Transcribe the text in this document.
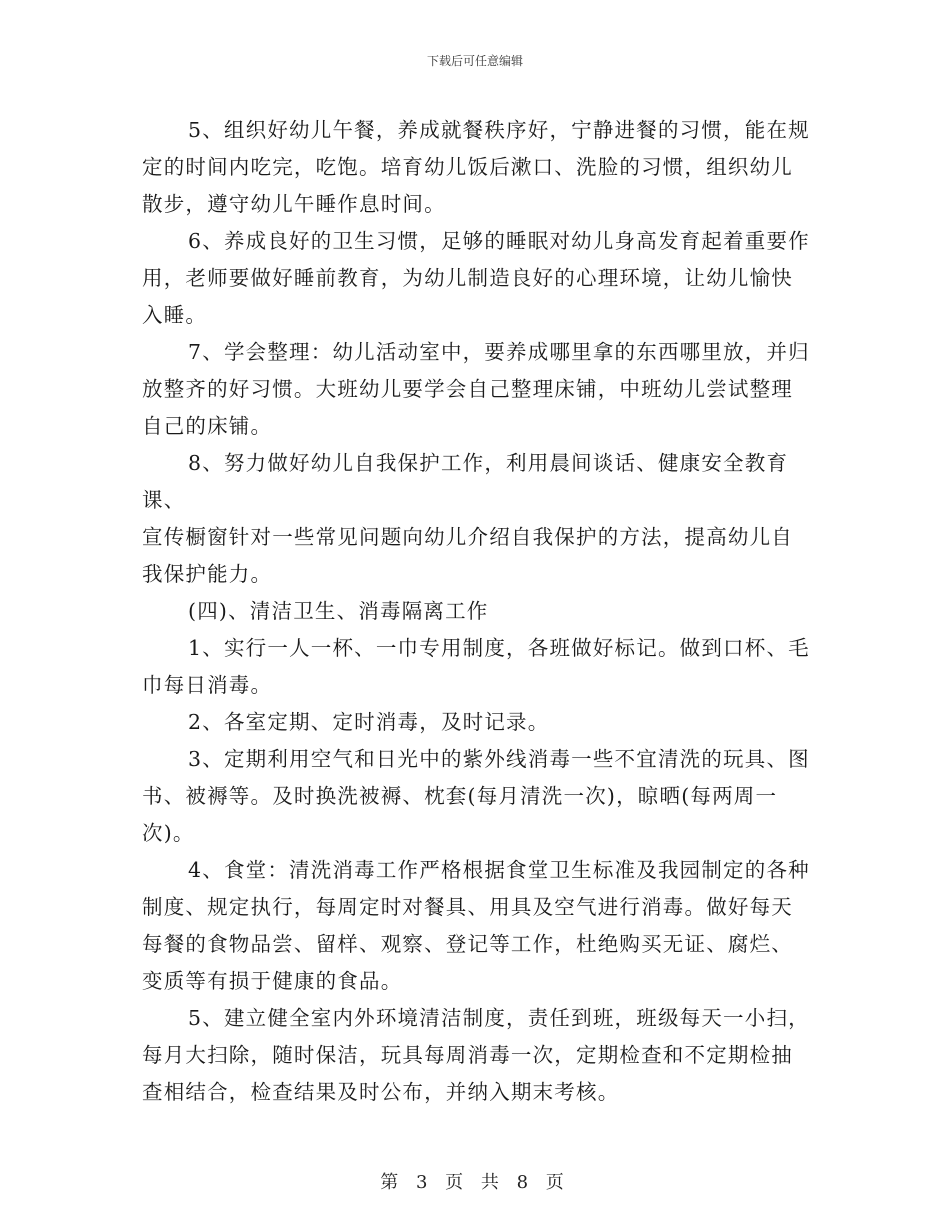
下载后可任意编辑
5、组织好幼儿午餐，养成就餐秩序好，宁静进餐的习惯，能在规
定的时间内吃完，吃饱。培育幼儿饭后漱口、洗脸的习惯，组织幼儿
散步，遵守幼儿午睡作息时间。
6、养成良好的卫生习惯，足够的睡眠对幼儿身高发育起着重要作
用，老师要做好睡前教育，为幼儿制造良好的心理环境，让幼儿愉快
入睡。
7、学会整理：幼儿活动室中，要养成哪里拿的东西哪里放，并归
放整齐的好习惯。大班幼儿要学会自己整理床铺，中班幼儿尝试整理
自己的床铺。
8、努力做好幼儿自我保护工作，利用晨间谈话、健康安全教育课、
宣传橱窗针对一些常见问题向幼儿介绍自我保护的方法，提高幼儿自
我保护能力。
(四)、清洁卫生、消毒隔离工作
1、实行一人一杯、一巾专用制度，各班做好标记。做到口杯、毛
巾每日消毒。
2、各室定期、定时消毒，及时记录。
3、定期利用空气和日光中的紫外线消毒一些不宜清洗的玩具、图
书、被褥等。及时换洗被褥、枕套(每月清洗一次)，晾晒(每两周一
次)。
4、食堂：清洗消毒工作严格根据食堂卫生标准及我园制定的各种
制度、规定执行，每周定时对餐具、用具及空气进行消毒。做好每天
每餐的食物品尝、留样、观察、登记等工作，杜绝购买无证、腐烂、
变质等有损于健康的食品。
5、建立健全室内外环境清洁制度，责任到班，班级每天一小扫，
每月大扫除，随时保洁，玩具每周消毒一次，定期检查和不定期检抽
查相结合，检查结果及时公布，并纳入期末考核。
第 3 页 共 8 页
